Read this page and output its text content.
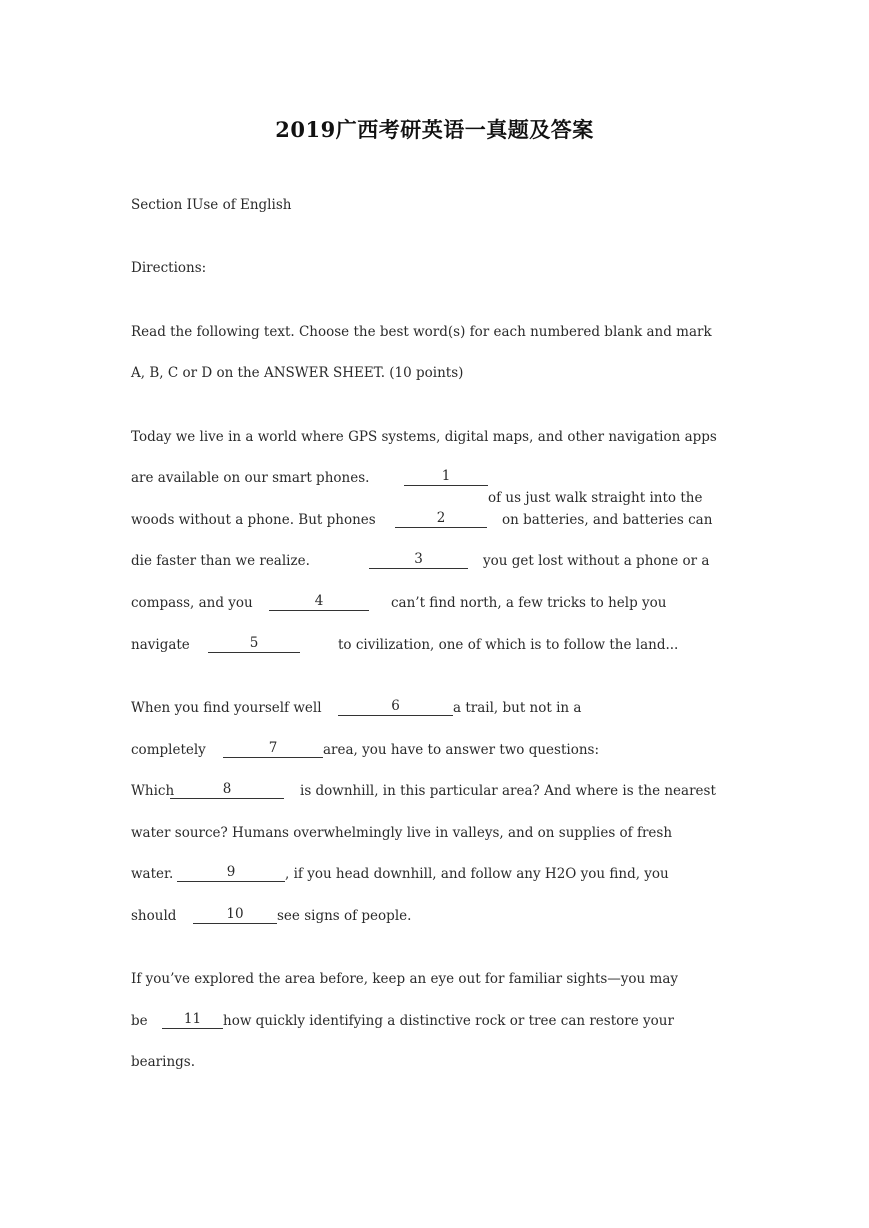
2019广西考研英语一真题及答案
Section ⅠUse of English
Directions:
Read the following text. Choose the best word(s) for each numbered blank and mark
A, B, C or D on the ANSWER SHEET. (10 points)
Today we live in a world where GPS systems, digital maps, and other navigation apps
are available on our smart phones.	1
of us just walk straight into the
woods without a phone. But phones	2	on batteries, and batteries can
die faster than we realize.	3	you get lost without a phone or a
compass, and you	4	can’t find north, a few tricks to help you
navigate	5	to civilization, one of which is to follow the land...
When you find yourself well	6	a trail, but not in a
completely	7	area, you have to answer two questions:
Which	8	is downhill, in this particular area? And where is the nearest
water source? Humans overwhelmingly live in valleys, and on supplies of fresh
water.	9	, if you head downhill, and follow any H2O you find, you
should	10	see signs of people.
If you’ve explored the area before, keep an eye out for familiar sights—you may
be	11	how quickly identifying a distinctive rock or tree can restore your
bearings.
